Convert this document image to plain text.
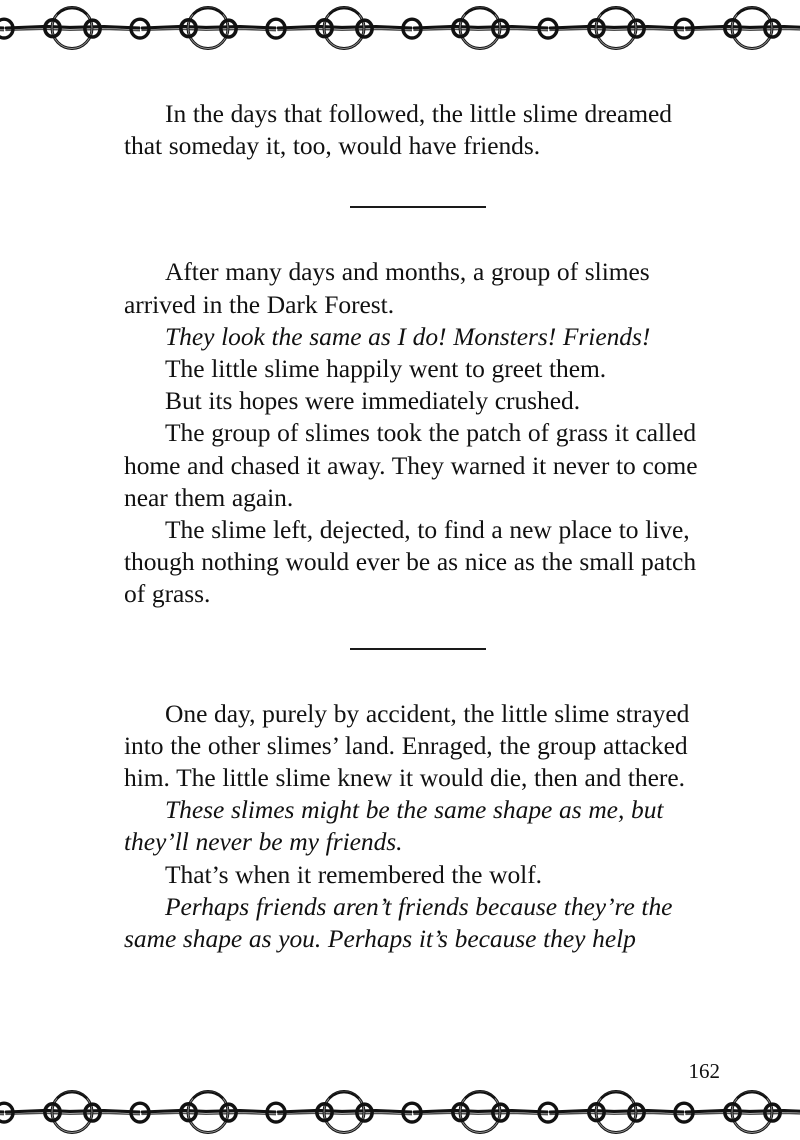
In the days that followed, the little slime dreamed that someday it, too, would have friends.

After many days and months, a group of slimes arrived in the Dark Forest.

They look the same as I do! Monsters! Friends!

The little slime happily went to greet them.

But its hopes were immediately crushed.

The group of slimes took the patch of grass it called home and chased it away. They warned it never to come near them again.

The slime left, dejected, to find a new place to live, though nothing would ever be as nice as the small patch of grass.

One day, purely by accident, the little slime strayed into the other slimes’ land. Enraged, the group attacked him. The little slime knew it would die, then and there.

These slimes might be the same shape as me, but they’ll never be my friends.

That’s when it remembered the wolf.

Perhaps friends aren’t friends because they’re the same shape as you. Perhaps it’s because they help

162
